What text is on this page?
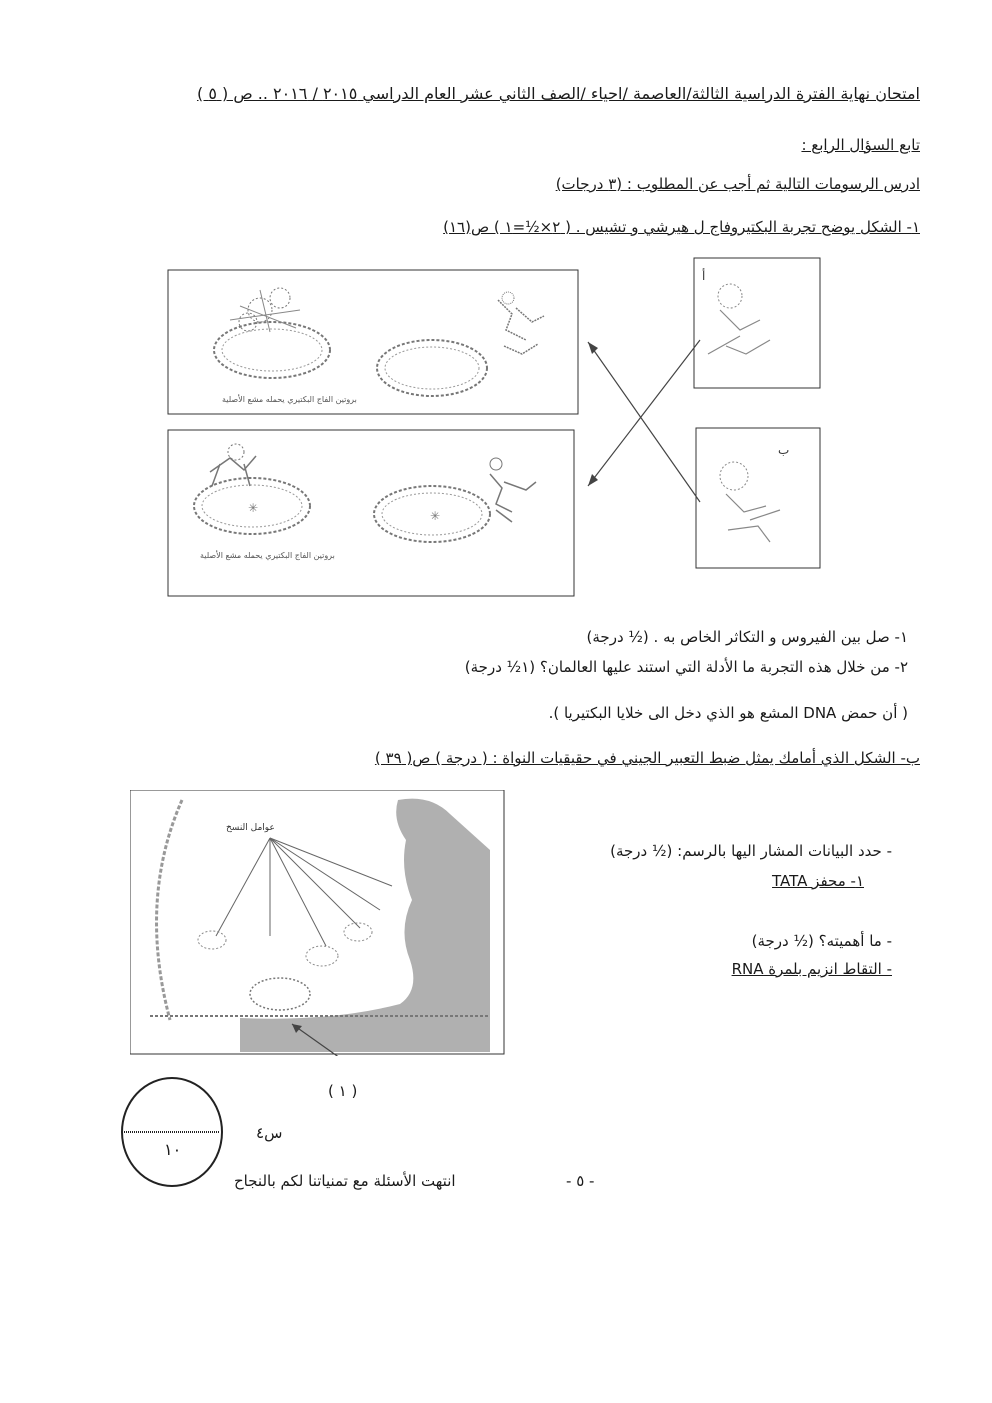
امتحان نهاية الفترة الدراسية الثالثة/العاصمة /احياء /الصف الثاني عشر العام الدراسي ٢٠١٥ / ٢٠١٦ .. ص ( ٥ )
تابع السؤال الرابع :
ادرس الرسومات التالية ثم أجب عن المطلوب : (٣ درجات)
١- الشكل يوضح تجربة البكتيروفاج ل هيرشي و تشيس . ( ٢×½=١ ) ص(١٦)
بروتين الفاج البكتيري يحمله مشع الأصلية
✳
✳
بروتين الفاج البكتيري يحمله مشع الأصلية
أ
ب
١- صل بين الفيروس و التكاثر الخاص به . (½ درجة)
٢- من خلال هذه التجربة ما الأدلة التي استند عليها العالمان؟ (١½ درجة)
( أن حمض DNA المشع هو الذي دخل الى خلايا البكتيريا ).
ب- الشكل الذي أمامك يمثل ضبط التعبير الجيني في حقيقيات النواة : ( درجة ) ص( ٣٩ )
عوامل النسخ
( ١ )
- حدد البيانات المشار اليها بالرسم: (½ درجة)
١- محفز TATA
- ما أهميته؟ (½ درجة)
- التقاط انزيم بلمرة RNA
١٠
س٤
- ٥ -
انتهت الأسئلة مع تمنياتنا لكم بالنجاح
